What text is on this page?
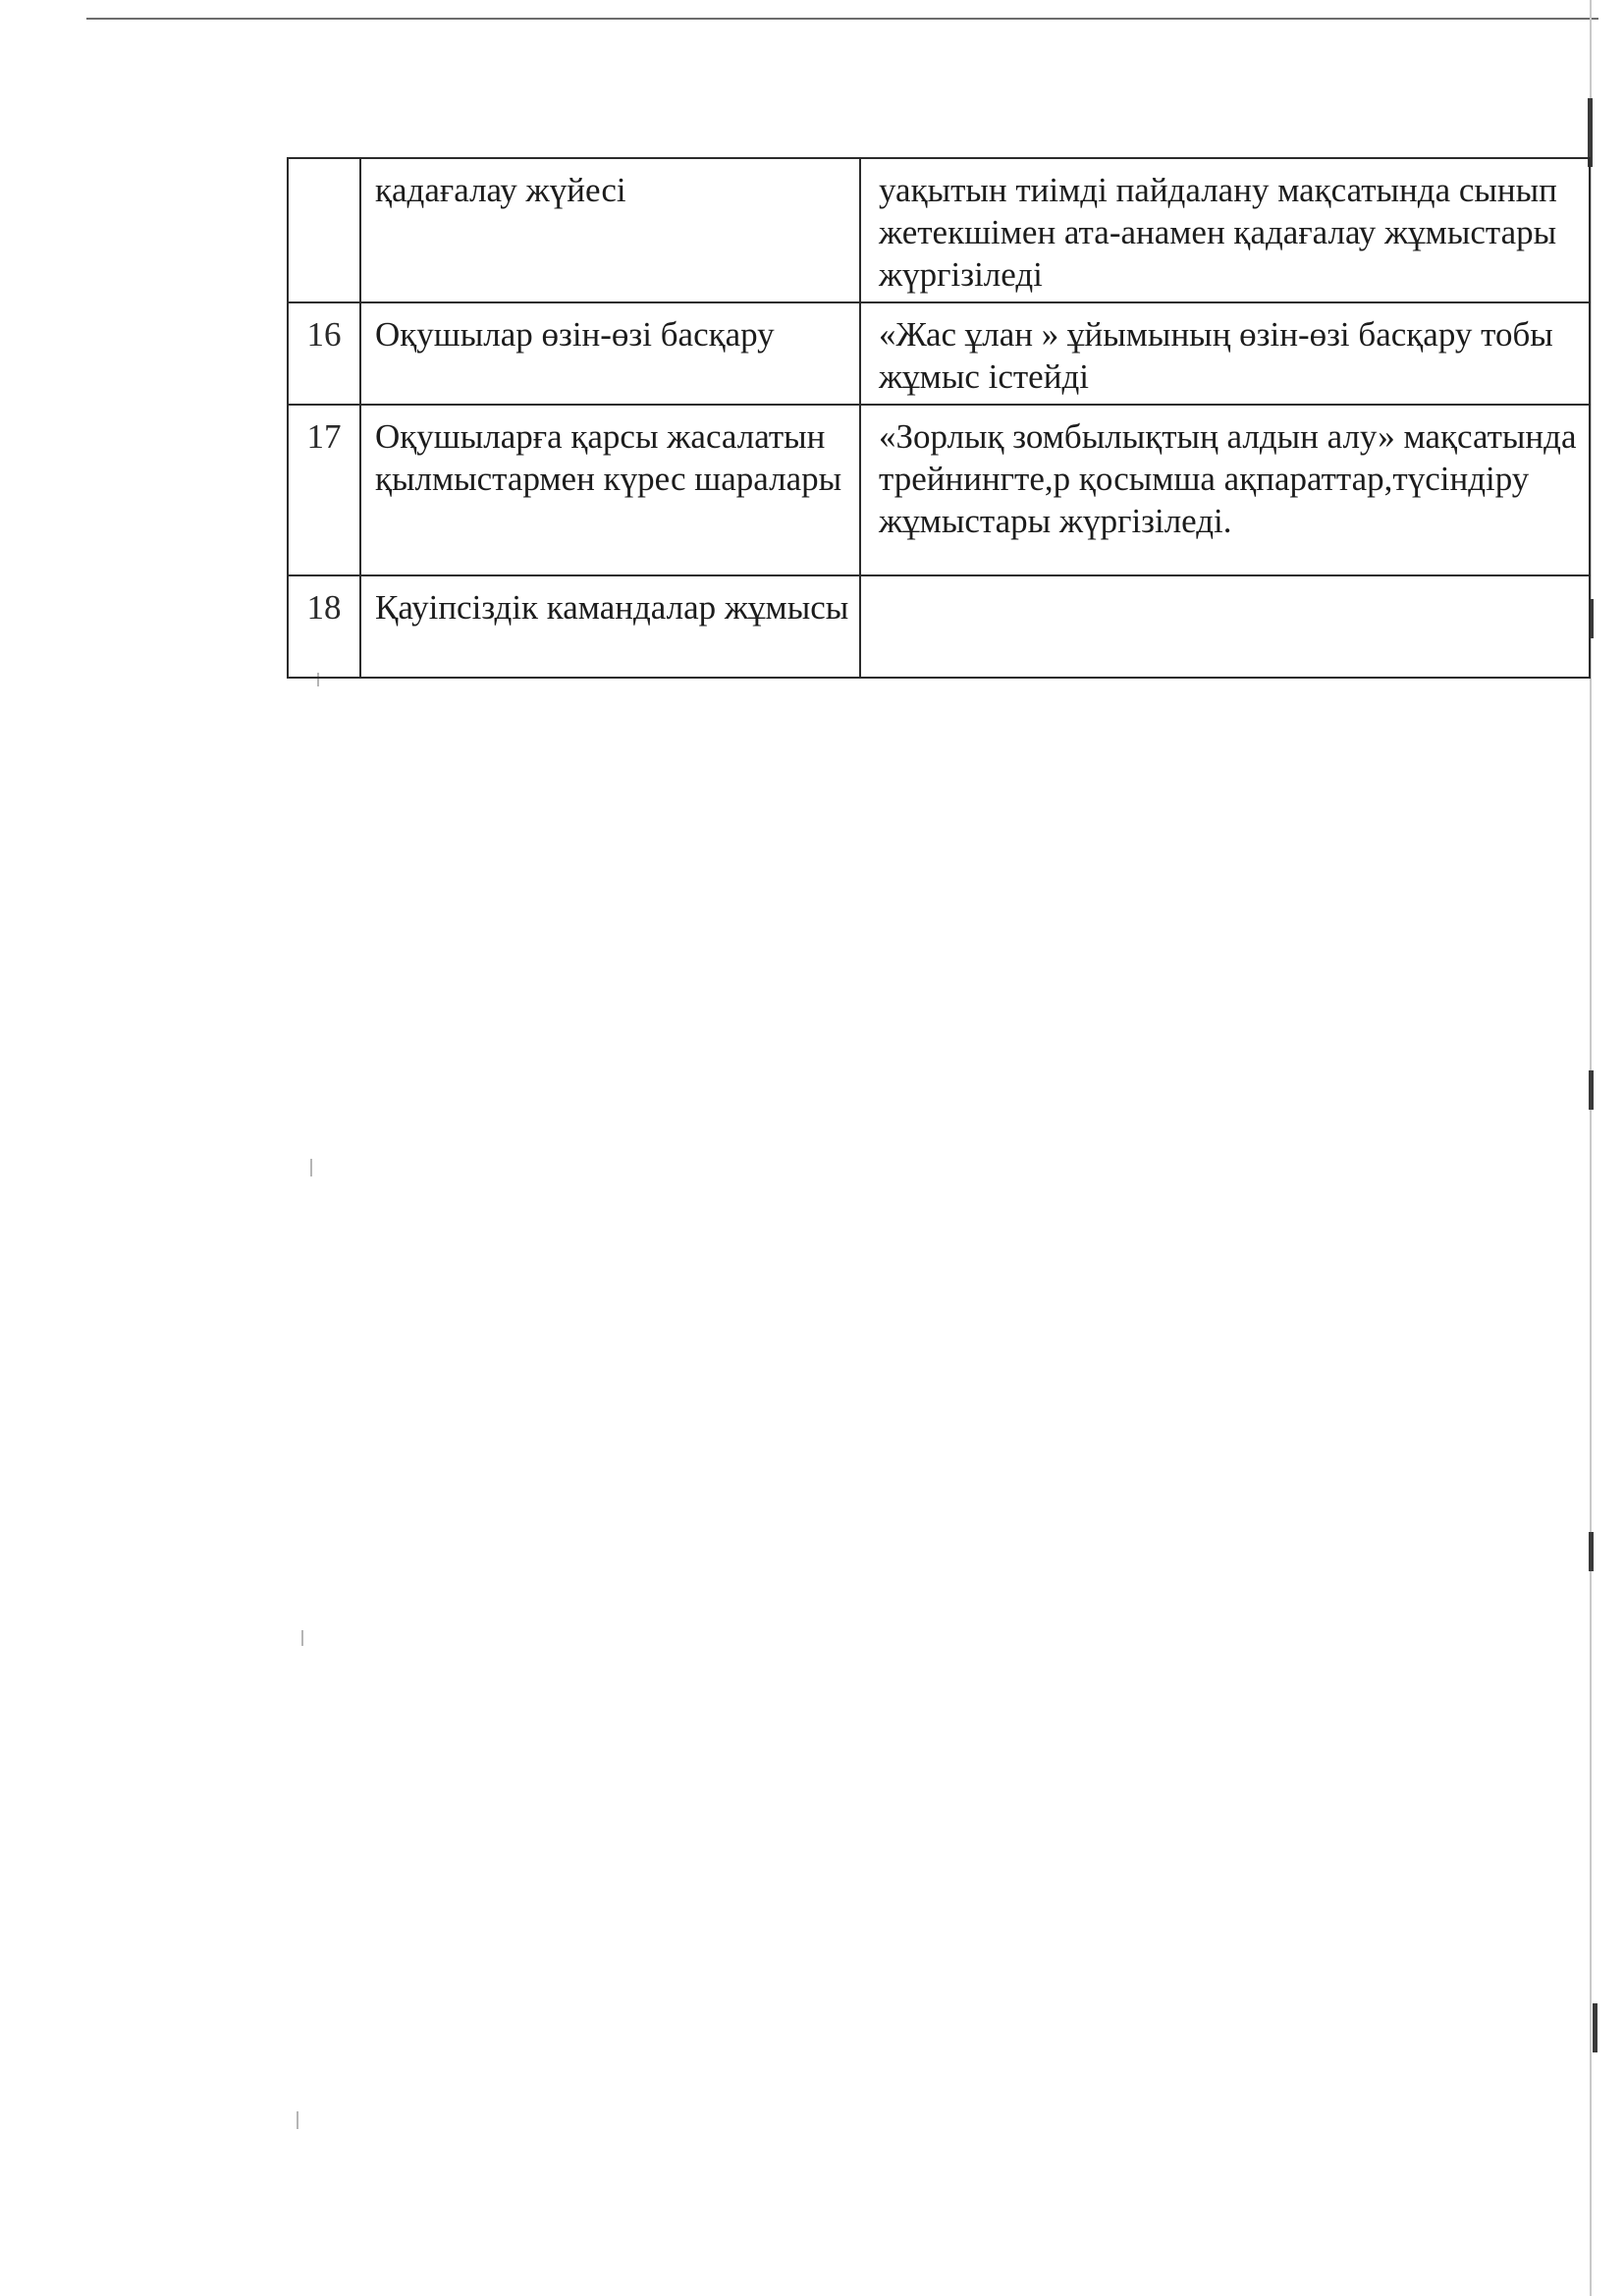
	қадағалау жүйесі	уақытын тиімді пайдалану мақсатында сынып жетекшімен ата-анамен қадағалау жұмыстары жүргізіледі
16	Оқушылар өзін-өзі басқару	«Жас ұлан » ұйымының өзін-өзі басқару тобы жұмыс істейді
17	Оқушыларға қарсы жасалатын қылмыстармен күрес шаралары	«Зорлық зомбылықтың алдын алу» мақсатында трейнингте,р қосымша ақпараттар,түсіндіру жұмыстары жүргізіледі.
18	Қауіпсіздік камандалар жұмысы	
